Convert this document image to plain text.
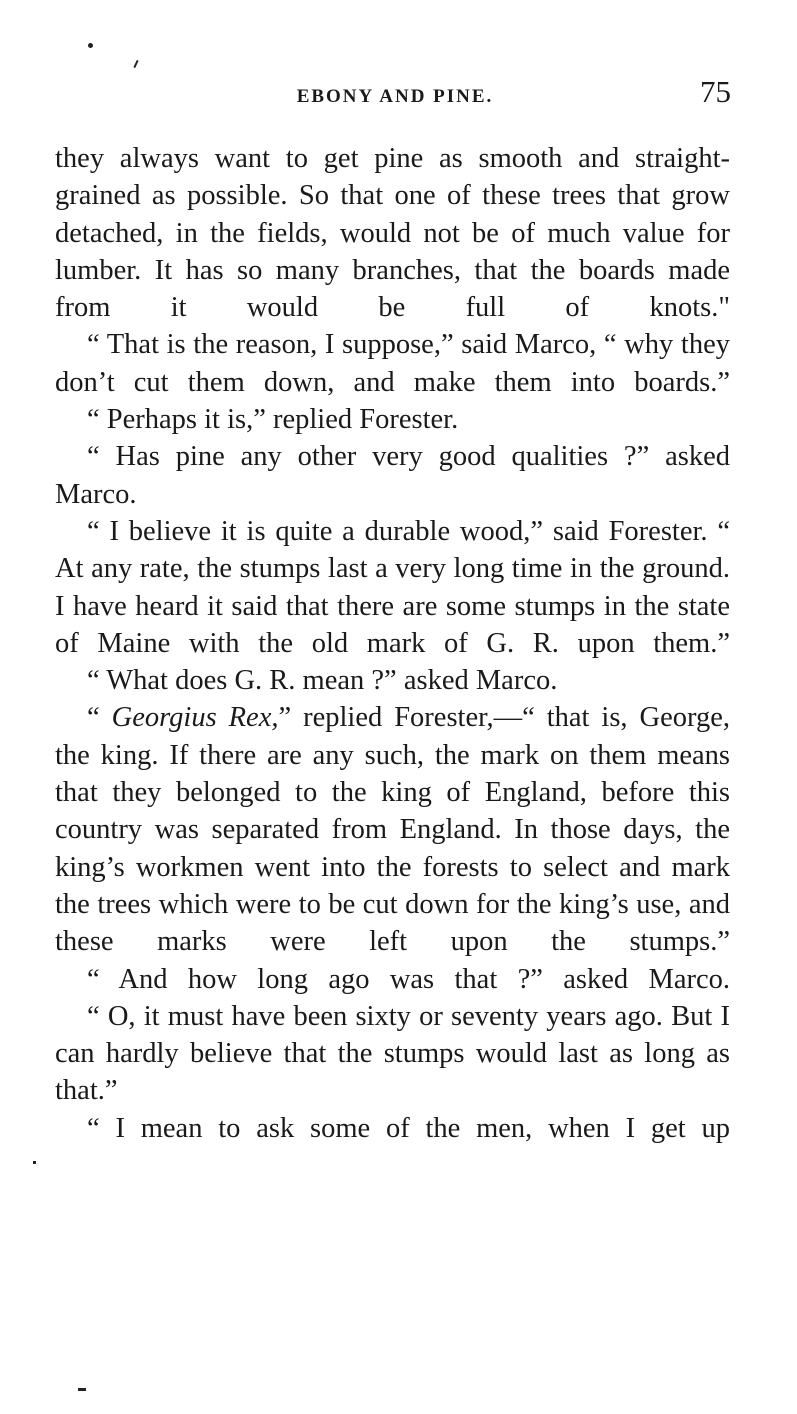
EBONY AND PINE.	75

they always want to get pine as smooth and straight-grained as possible. So that one of these trees that grow detached, in the fields, would not be of much value for lumber. It has so many branches, that the boards made from it would be full of knots."

“ That is the reason, I suppose,” said Marco, “ why they don’t cut them down, and make them into boards.”

“ Perhaps it is,” replied Forester.

“ Has pine any other very good qualities ?” asked Marco.

“ I believe it is quite a durable wood,” said Forester. “ At any rate, the stumps last a very long time in the ground. I have heard it said that there are some stumps in the state of Maine with the old mark of G. R. upon them.”

“ What does G. R. mean ?” asked Marco.

“ Georgius Rex,” replied Forester,—“ that is, George, the king. If there are any such, the mark on them means that they belonged to the king of England, before this country was separated from England. In those days, the king’s workmen went into the forests to select and mark the trees which were to be cut down for the king’s use, and these marks were left upon the stumps.”

“ And how long ago was that ?” asked Marco.

“ O, it must have been sixty or seventy years ago. But I can hardly believe that the stumps would last as long as that.”

“ I mean to ask some of the men, when I get up
